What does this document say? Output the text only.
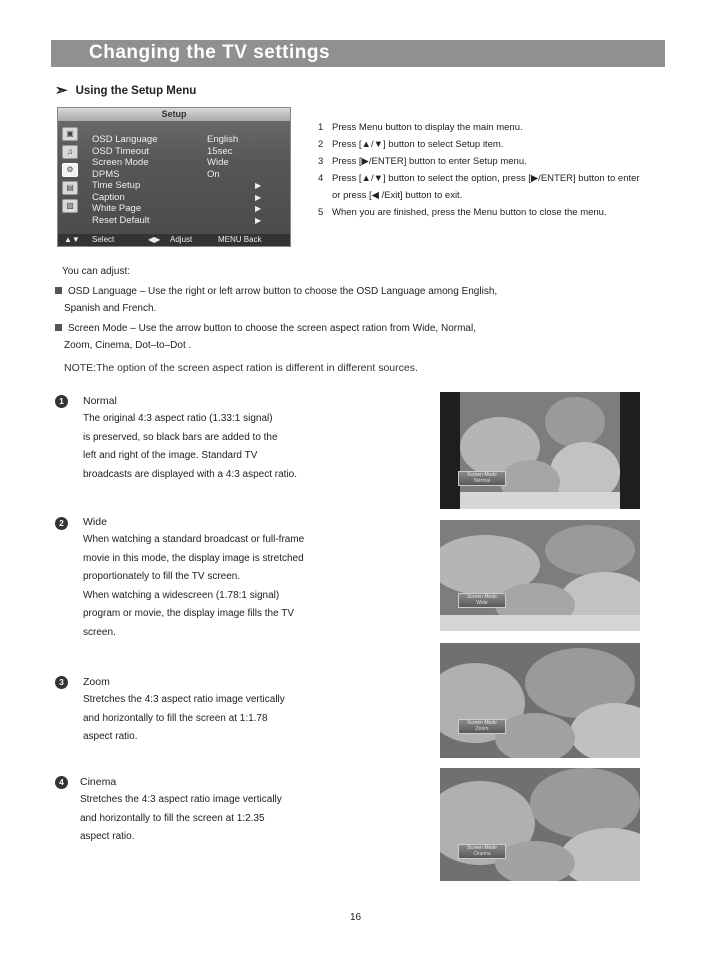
Changing the TV settings
➣ Using the Setup Menu
Setup
▣
♫
⚙
▤
▧
OSD Language	English
OSD Timeout	15sec
Screen Mode	Wide
DPMS	On
Time Setup	▶
Caption	▶
White Page	▶
Reset Default	▶
▲▼ Select	◀▶ Adjust	MENU Back
1 Press Menu button to display the main menu.
2 Press [▲/▼] button to select Setup item.
3 Press [▶/ENTER] button to enter Setup menu.
4 Press [▲/▼] button to select the option, press [▶/ENTER] button to enter
or press [◀ /Exit] button to exit.
5 When you are finished, press the Menu button to close the menu.
You can adjust:
OSD Language – Use the right or left arrow button to choose the OSD Language among English,
Spanish and French.
Screen Mode – Use the arrow button to choose the screen aspect ration from Wide, Normal,
Zoom, Cinema, Dot–to–Dot .
NOTE:The option of the screen aspect ration is different in different sources.
1	Normal
The original 4:3 aspect ratio (1.33:1 signal)
is preserved, so black bars are added to the
left and right of the image. Standard TV
broadcasts are displayed with a 4:3 aspect ratio.
2	Wide
When watching a standard broadcast or full-frame
movie in this mode, the display image is stretched
proportionately to fill the TV screen.
When watching a widescreen (1.78:1 signal)
program or movie, the display image fills the TV
screen.
3	Zoom
Stretches the 4:3 aspect ratio image vertically
and horizontally to fill the screen at 1:1.78
aspect ratio.
4	Cinema
Stretches the 4:3 aspect ratio image vertically
and horizontally to fill the screen at 1:2.35
aspect ratio.
Screen Mode
Normal
Screen Mode
Wide
Screen Mode
Zoom
Screen Mode
Cinema
16
